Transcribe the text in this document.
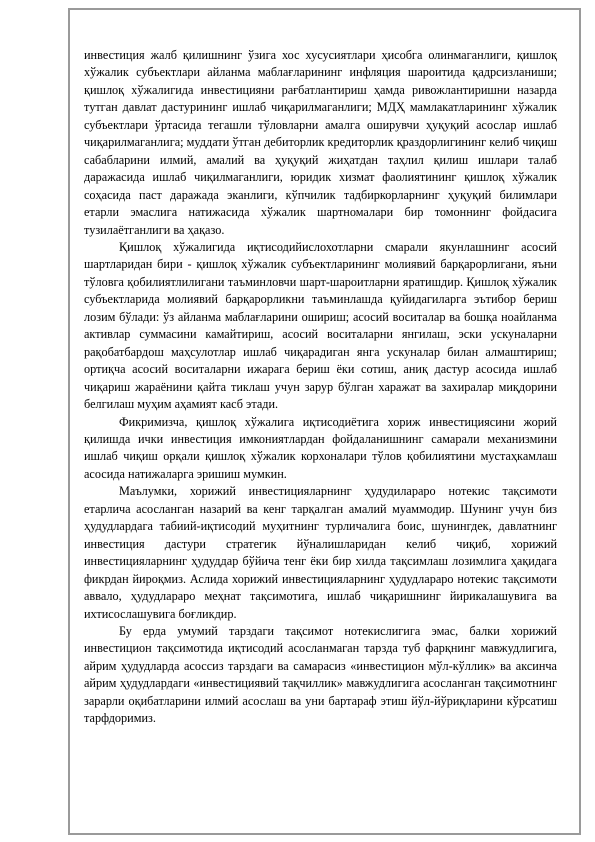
инвестиция жалб қилишнинг ўзига хос хусусиятлари ҳисобга олинмаганлиги, қишлоқ хўжалик субъектлари айланма маблағларининг инфляция шароитида қадрсизланиши; қишлоқ хўжалигида инвестицияни рағбатлантириш ҳамда ривожлантиришни назарда тутган давлат дастурининг ишлаб чиқарилмаганлиги; МДҲ мамлакатларининг хўжалик субъектлари ўртасида тегашли тўловларни амалга оширувчи ҳуқуқий асослар ишлаб чиқарилмаганлига; муддати ўтган дебиторлик кредиторлик қраздорлигининг келиб чиқиш сабабларини илмий, амалий ва ҳуқуқий жиҳатдан таҳлил қилиш ишлари талаб даражасида ишлаб чиқилмаганлиги, юридик хизмат фаолиятининг қишлоқ хўжалик соҳасида паст даражада эканлиги, кўпчилик тадбиркорларнинг ҳуқуқий билимлари етарли эмаслига натижасида хўжалик шартномалари бир томоннинг фойдасига тузилаётганлиги ва ҳақазо.

Қишлоқ хўжалигида иқтисодийислохотларни смарали якунлашнинг асосий шартларидан бири - қишлоқ хўжалик субъектларининг молиявий барқарорлигани, яъни тўловга қобилиятлилигани таъминловчи шарт-шароитларни яратишдир. Қишлоқ хўжалик субъектларида молиявий барқарорликни таъминлашда қуйидагиларга эътибор бериш лозим бўлади: ўз айланма маблағларини ошириш; асосий воситалар ва бошқа ноайланма активлар суммасини камайтириш, асосий воситаларни янгилаш, эски ускуналарни рақобатбардош маҳсулотлар ишлаб чиқарадиган янга ускуналар билан алмаштириш; ортиқча асосий воситаларни ижарага бериш ёки сотиш, аниқ дастур асосида ишлаб чиқариш жараёнини қайта тиклаш учун зарур бўлган харажат ва захиралар миқдорини белгилаш муҳим аҳамият касб этади.

Фикримизча, қишлоқ хўжалига иқтисодиётига хориж инвестициясини жорий қилишда ички инвестиция имкониятлардан фойдаланишнинг самарали механизмини ишлаб чиқиш орқали қишлоқ хўжалик корхоналари тўлов қобилиятини мустаҳкамлаш асосида натижаларга эришиш мумкин.

Маълумки, хорижий инвестицияларнинг ҳудудилараро нотекис тақсимоти етарлича асосланган назарий ва кенг тарқалган амалий муаммодир. Шунинг учун биз ҳудудлардага табиий-иқтисодий муҳитнинг турличалига боис, шунингдек, давлатнинг инвестиция дастури стратегик йўналишларидан келиб чиқиб, хорижий инвестицияларнинг ҳудуддар бўйича тенг ёки бир хилда тақсимлаш лозимлига ҳақидага фикрдан йироқмиз. Аслида хорижий инвестицияларнинг ҳудудлараро нотекис тақсимоти аввало, ҳудудлараро меҳнат тақсимотига, ишлаб чиқаришнинг йирикалашувига ва ихтисослашувига боғликдир.

Бу ерда умумий тарздаги тақсимот нотекислигига эмас, балки хорижий инвестицион тақсимотида иқтисодий асосланмаган тарзда туб фарқнинг мавжудлигига, айрим ҳудудларда асоссиз тарздаги ва самарасиз «инвестицион мўл-кўллик» ва аксинча айрим ҳудудлардаги «инвестициявий тақчиллик» мавжудлигига асосланган тақсимотнинг зарарли оқибатларини илмий асослаш ва уни бартараф этиш йўл-йўриқларини кўрсатиш тарфдоримиз.
